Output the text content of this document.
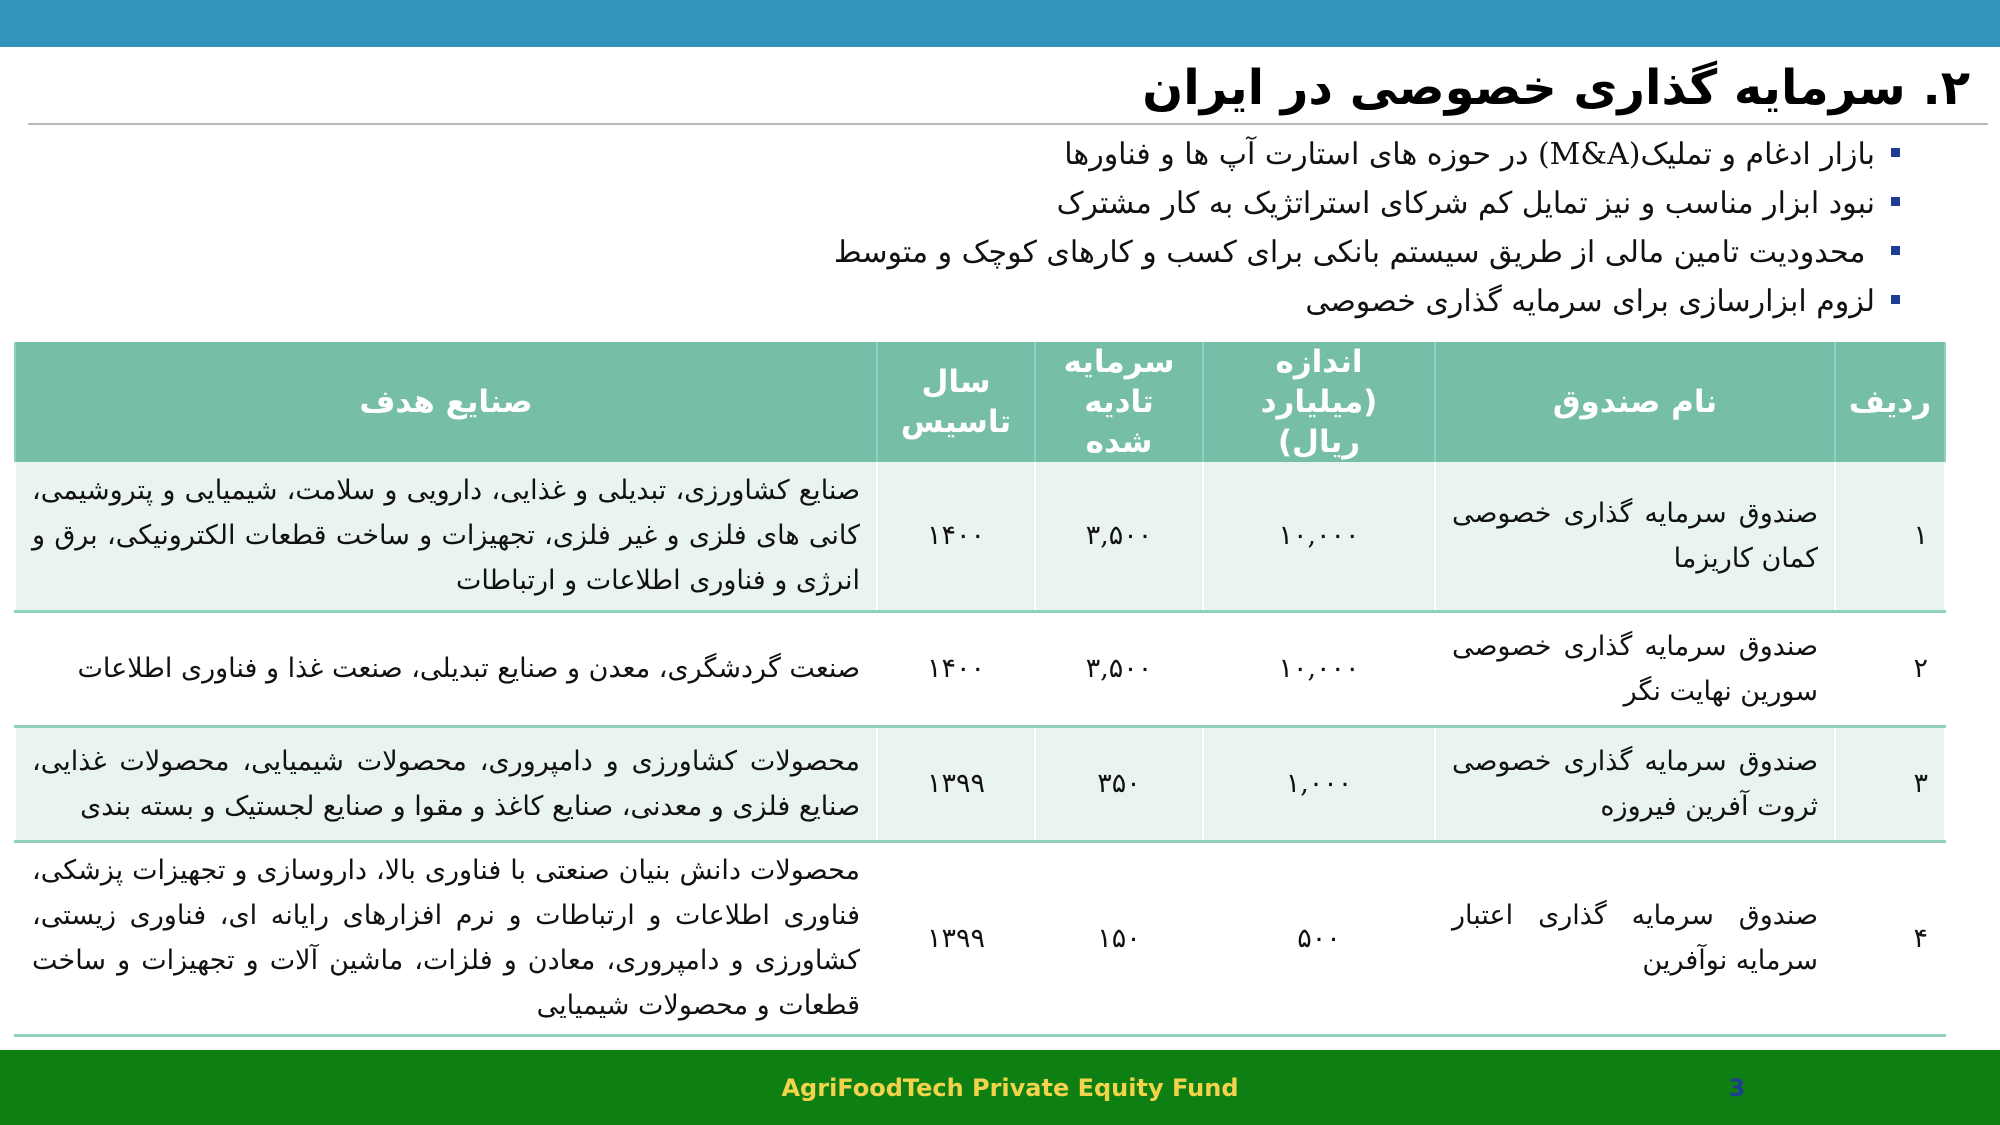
۲. سرمایه گذاری خصوصی در ایران
بازار ادغام و تملیک(M&A) در حوزه های استارت آپ ها و فناورها
نبود ابزار مناسب و نیز تمایل کم شرکای استراتژیک به کار مشترک
محدودیت تامین مالی از طریق سیستم بانکی برای کسب و کارهای کوچک و متوسط
لزوم ابزارسازی برای سرمایه گذاری خصوصی
ردیف	نام صندوق	اندازه (میلیارد ریال)	سرمایه تادیه شده	سال تاسیس	صنایع هدف
۱	صندوق سرمایه گذاری خصوصی کمان کاریزما	۱۰,۰۰۰	۳,۵۰۰	۱۴۰۰	صنایع کشاورزی، تبدیلی و غذایی، دارویی و سلامت، شیمیایی و پتروشیمی، کانی های فلزی و غیر فلزی، تجهیزات و ساخت قطعات الکترونیکی، برق و انرژی و فناوری اطلاعات و ارتباطات
۲	صندوق سرمایه گذاری خصوصی سورین نهایت نگر	۱۰,۰۰۰	۳,۵۰۰	۱۴۰۰	صنعت گردشگری، معدن و صنایع تبدیلی، صنعت غذا و فناوری اطلاعات
۳	صندوق سرمایه گذاری خصوصی ثروت آفرین فیروزه	۱,۰۰۰	۳۵۰	۱۳۹۹	محصولات کشاورزی و دامپروری، محصولات شیمیایی، محصولات غذایی، صنایع فلزی و معدنی، صنایع کاغذ و مقوا و صنایع لجستیک و بسته بندی
۴	صندوق سرمایه گذاری اعتبار سرمایه نوآفرین	۵۰۰	۱۵۰	۱۳۹۹	محصولات دانش بنیان صنعتی با فناوری بالا، داروسازی و تجهیزات پزشکی، فناوری اطلاعات و ارتباطات و نرم افزارهای رایانه ای، فناوری زیستی، کشاورزی و دامپروری، معادن و فلزات، ماشین آلات و تجهیزات و ساخت قطعات و محصولات شیمیایی
AgriFoodTech Private Equity Fund	3
